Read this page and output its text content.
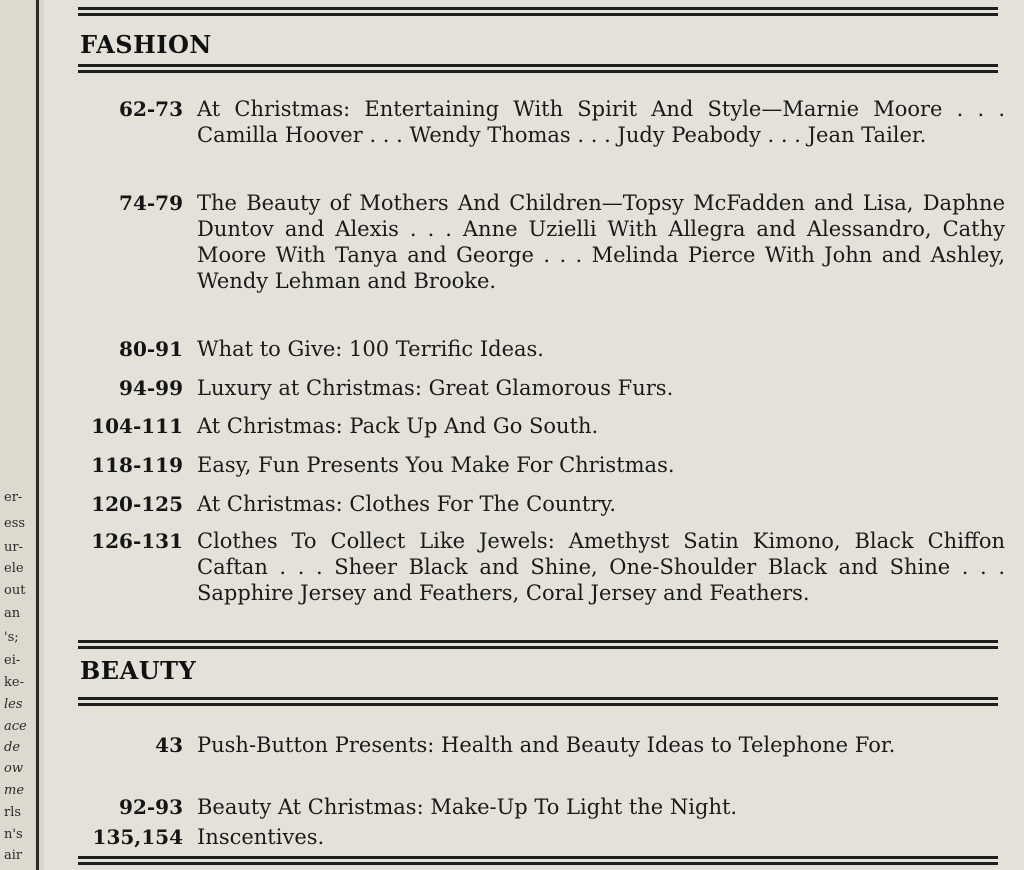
er-
ess
ur-
ele
out
an
's;
ei-
ke-
les
ace
de
ow
me
rls
n's
air
FASHION
62-73 At Christmas: Entertaining With Spirit And Style—Marnie Moore . . . Camilla Hoover . . . Wendy Thomas . . . Judy Peabody . . . Jean Tailer.
74-79 The Beauty of Mothers And Children—Topsy McFadden and Lisa, Daphne Duntov and Alexis . . . Anne Uzielli With Allegra and Alessandro, Cathy Moore With Tanya and George . . . Melinda Pierce With John and Ashley, Wendy Lehman and Brooke.
80-91 What to Give: 100 Terrific Ideas.
94-99 Luxury at Christmas: Great Glamorous Furs.
104-111 At Christmas: Pack Up And Go South.
118-119 Easy, Fun Presents You Make For Christmas.
120-125 At Christmas: Clothes For The Country.
126-131 Clothes To Collect Like Jewels: Amethyst Satin Kimono, Black Chiffon Caftan . . . Sheer Black and Shine, One-Shoulder Black and Shine . . . Sapphire Jersey and Feathers, Coral Jersey and Feathers.
BEAUTY
43 Push-Button Presents: Health and Beauty Ideas to Telephone For.
92-93 Beauty At Christmas: Make-Up To Light the Night.
135,154 Inscentives.
